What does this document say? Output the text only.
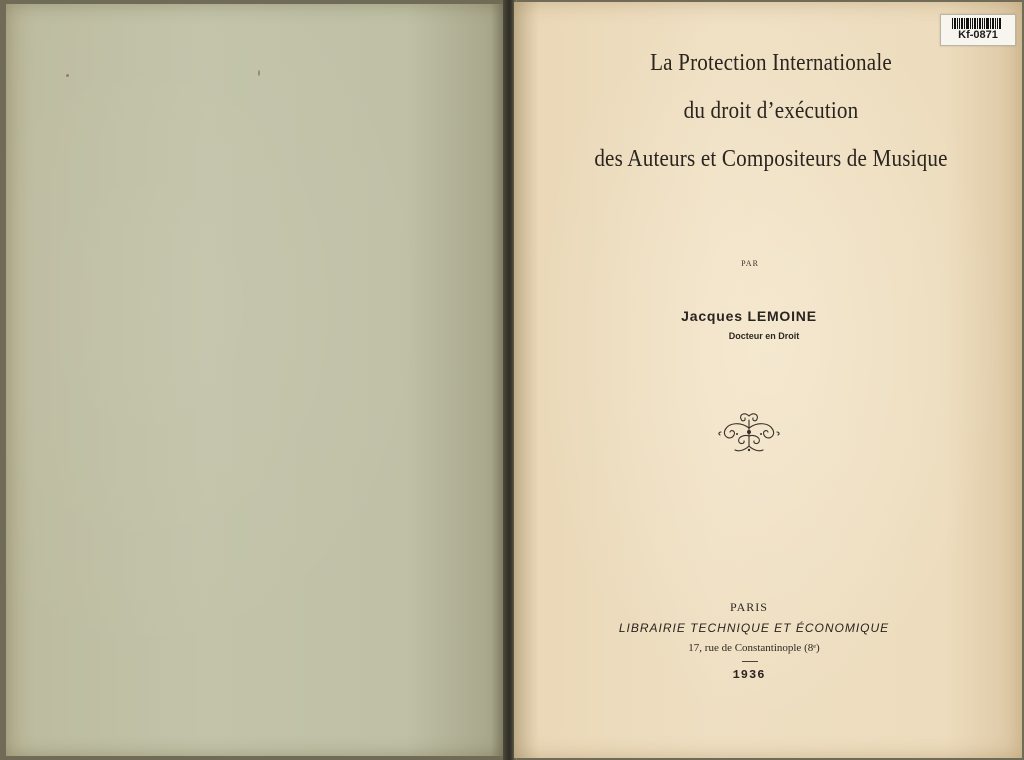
La Protection Internationale
du droit d’exécution
des Auteurs et Compositeurs de Musique
PAR
Jacques LEMOINE
Docteur en Droit
PARIS
LIBRAIRIE TECHNIQUE ET ÉCONOMIQUE
17, rue de Constantinople (8ᵉ)
1936
Kf-0871
